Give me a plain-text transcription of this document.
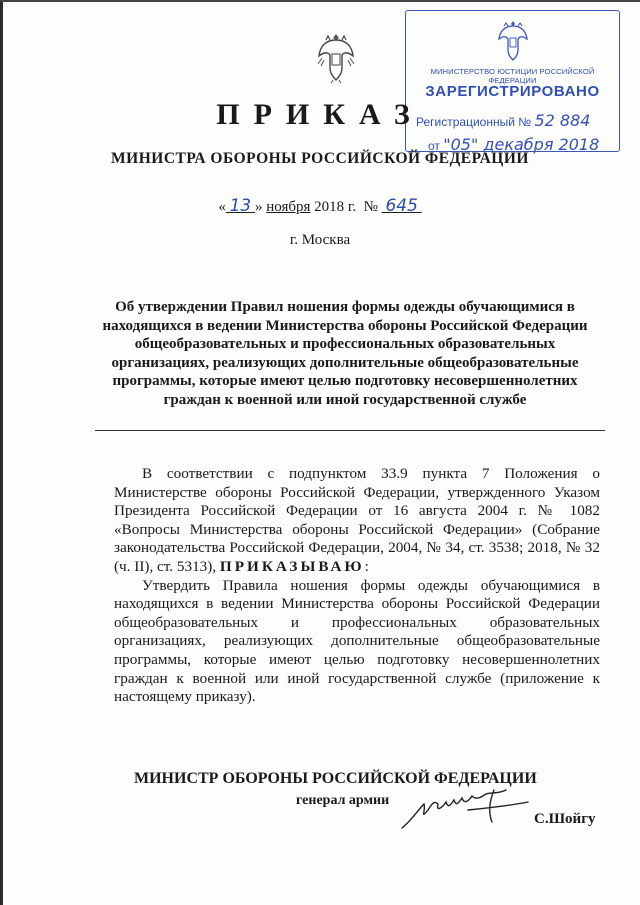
МИНИСТЕРСТВО ЮСТИЦИИ РОССИЙСКОЙ ФЕДЕРАЦИИ
ЗАРЕГИСТРИРОВАНО
Регистрационный № 52 884
от "05" декабря 2018
ПРИКАЗ
МИНИСТРА ОБОРОНЫ РОССИЙСКОЙ ФЕДЕРАЦИИ
« 13 » ноября 2018 г. № 645
г. Москва
Об утверждении Правил ношения формы одежды обучающимися в находящихся в ведении Министерства обороны Российской Федерации общеобразовательных и профессиональных образовательных организациях, реализующих дополнительные общеобразовательные программы, которые имеют целью подготовку несовершеннолетних граждан к военной или иной государственной службе

В соответствии с подпунктом 33.9 пункта 7 Положения о Министерстве обороны Российской Федерации, утвержденного Указом Президента Российской Федерации от 16 августа 2004 г. № 1082 «Вопросы Министерства обороны Российской Федерации» (Собрание законодательства Российской Федерации, 2004, № 34, ст. 3538; 2018, № 32 (ч. II), ст. 5313), ПРИКАЗЫВАЮ:

Утвердить Правила ношения формы одежды обучающимися в находящихся в ведении Министерства обороны Российской Федерации общеобразовательных и профессиональных образовательных организациях, реализующих дополнительные общеобразовательные программы, которые имеют целью подготовку несовершеннолетних граждан к военной или иной государственной службе (приложение к настоящему приказу).

МИНИСТР ОБОРОНЫ РОССИЙСКОЙ ФЕДЕРАЦИИ
генерал армии
С.Шойгу
